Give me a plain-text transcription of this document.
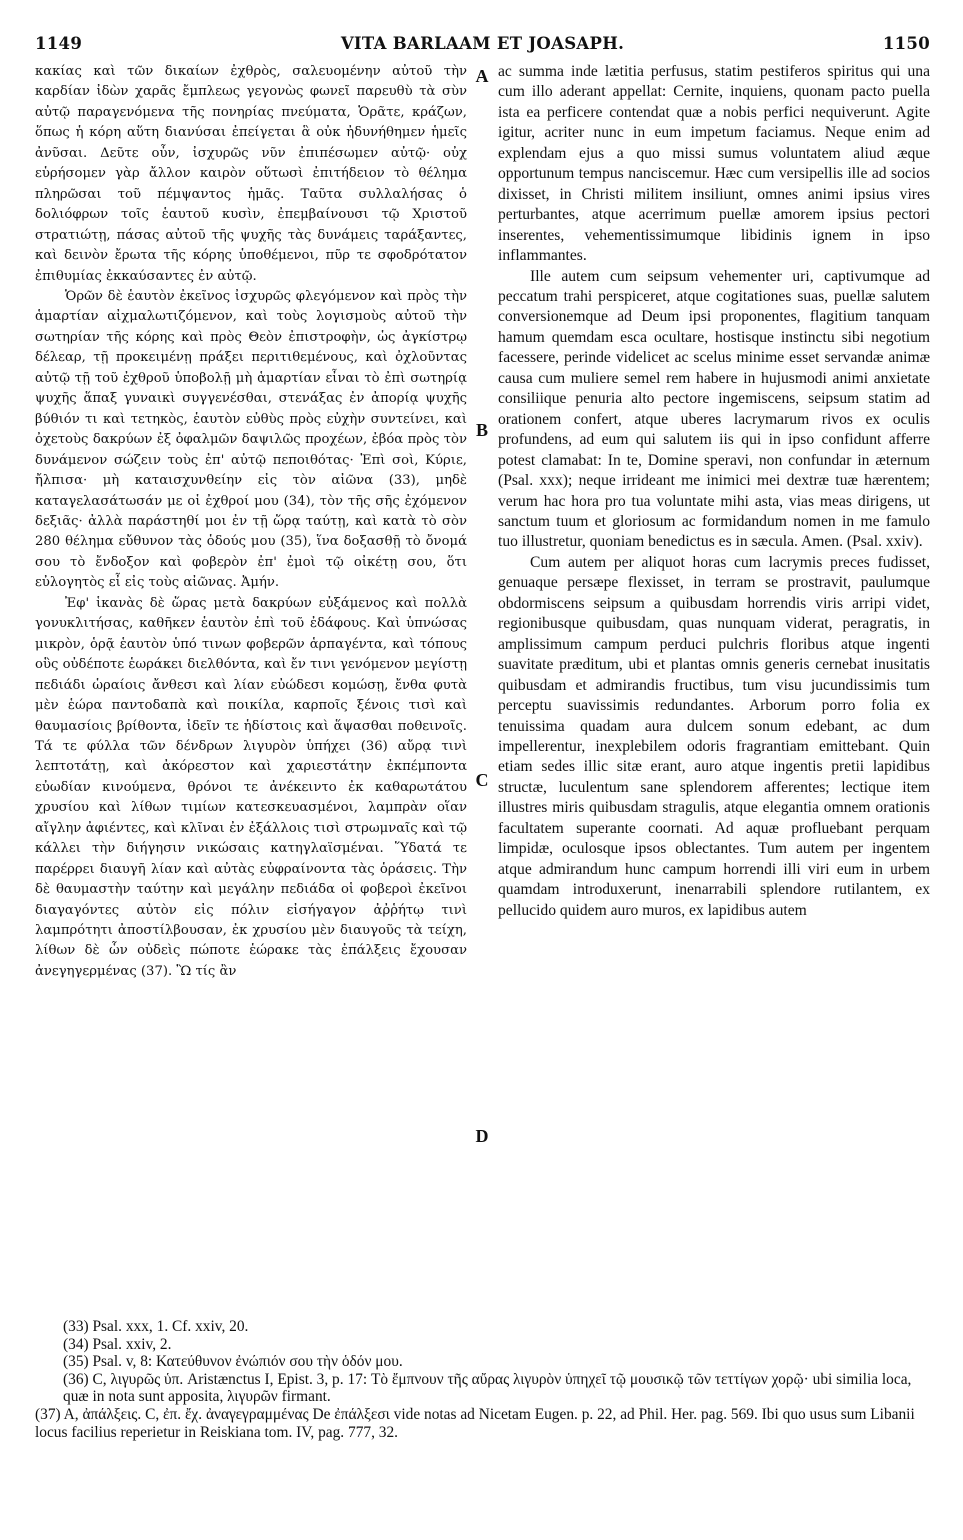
1149	VITA BARLAAM ET JOASAPH.	1150

κακίας καὶ τῶν δικαίων ἐχθρὸς, σαλευομένην αὐτοῦ τὴν καρδίαν ἰδὼν χαρᾶς ἔμπλεως γεγονὼς φωνεῖ παρευθὺ τὰ σὺν αὐτῷ παραγενόμενα τῆς πονηρίας πνεύματα, Ὁρᾶτε, κράζων, ὅπως ἡ κόρη αὕτη διανύσαι ἐπείγεται ἃ οὐκ ἠδυνήθημεν ἡμεῖς ἀνῦσαι. Δεῦτε οὖν, ἰσχυρῶς νῦν ἐπιπέσωμεν αὐτῷ· οὐχ εὑρήσομεν γὰρ ἄλλον καιρὸν οὕτωσὶ ἐπιτήδειον τὸ θέλημα πληρῶσαι τοῦ πέμψαντος ἡμᾶς. Ταῦτα συλλαλήσας ὁ δολιόφρων τοῖς ἑαυτοῦ κυσὶν, ἐπεμβαίνουσι τῷ Χριστοῦ στρατιώτῃ, πάσας αὐτοῦ τῆς ψυχῆς τὰς δυνάμεις ταράξαντες, καὶ δεινὸν ἔρωτα τῆς κόρης ὑποθέμενοι, πῦρ τε σφοδρότατον ἐπιθυμίας ἐκκαύσαντες ἐν αὐτῷ.

Ὁρῶν δὲ ἑαυτὸν ἐκεῖνος ἰσχυρῶς φλεγόμενον καὶ πρὸς τὴν ἁμαρτίαν αἰχμαλωτιζόμενον, καὶ τοὺς λογισμοὺς αὐτοῦ τὴν σωτηρίαν τῆς κόρης καὶ πρὸς Θεὸν ἐπιστροφὴν, ὡς ἀγκίστρῳ δέλεαρ, τῇ προκειμένῃ πράξει περιτιθεμένους, καὶ ὀχλοῦντας αὐτῷ τῇ τοῦ ἐχθροῦ ὑποβολῇ μὴ ἁμαρτίαν εἶναι τὸ ἐπὶ σωτηρίᾳ ψυχῆς ἅπαξ γυναικὶ συγγενέσθαι, στενάξας ἐν ἀπορίᾳ ψυχῆς βύθιόν τι καὶ τετηκὸς, ἑαυτὸν εὐθὺς πρὸς εὐχὴν συντείνει, καὶ ὀχετοὺς δακρύων ἐξ ὀφαλμῶν δαψιλῶς προχέων, ἐβόα πρὸς τὸν δυνάμενον σώζειν τοὺς ἐπ' αὐτῷ πεποιθότας· Ἐπὶ σοὶ, Κύριε, ἤλπισα· μὴ καταισχυνθείην εἰς τὸν αἰῶνα (33), μηδὲ καταγελασάτωσάν με οἱ ἐχθροί μου (34), τὸν τῆς σῆς ἐχόμενον δεξιᾶς· ἀλλὰ παράστηθί μοι ἐν τῇ ὥρᾳ ταύτῃ, καὶ κατὰ τὸ σὸν 280 θέλημα εὔθυνον τὰς ὁδούς μου (35), ἵνα δοξασθῇ τὸ ὄνομά σου τὸ ἔνδοξον καὶ φοβερὸν ἐπ' ἐμοὶ τῷ οἰκέτῃ σου, ὅτι εὐλογητὸς εἶ εἰς τοὺς αἰῶνας. Ἀμήν.

Ἐφ' ἱκανὰς δὲ ὥρας μετὰ δακρύων εὐξάμενος καὶ πολλὰ γονυκλιτήσας, καθῆκεν ἑαυτὸν ἐπὶ τοῦ ἐδάφους. Καὶ ὑπνώσας μικρὸν, ὁρᾷ ἑαυτὸν ὑπό τινων φοβερῶν ἁρπαγέντα, καὶ τόπους οὓς οὐδέποτε ἑωράκει διελθόντα, καὶ ἔν τινι γενόμενον μεγίστῃ πεδιάδι ὡραίοις ἄνθεσι καὶ λίαν εὐώδεσι κομώσῃ, ἔνθα φυτὰ μὲν ἑώρα παντοδαπὰ καὶ ποικίλα, καρποῖς ξένοις τισὶ καὶ θαυμασίοις βρίθοντα, ἰδεῖν τε ἡδίστοις καὶ ἅψασθαι ποθεινοῖς. Τά τε φύλλα τῶν δένδρων λιγυρὸν ὑπήχει (36) αὔρᾳ τινὶ λεπτοτάτῃ, καὶ ἀκόρεστον καὶ χαριεστάτην ἐκπέμποντα εὐωδίαν κινούμενα, θρόνοι τε ἀνέκειντο ἐκ καθαρωτάτου χρυσίου καὶ λίθων τιμίων κατεσκευασμένοι, λαμπρὰν οἵαν αἴγλην ἀφιέντες, καὶ κλῖναι ἐν ἐξάλλοις τισὶ στρωμναῖς καὶ τῷ κάλλει τὴν διήγησιν νικώσαις κατηγλαϊσμέναι. Ὕδατά τε παρέρρει διαυγῆ λίαν καὶ αὐτὰς εὐφραίνοντα τὰς ὁράσεις. Τὴν δὲ θαυμαστὴν ταύτην καὶ μεγάλην πεδιάδα οἱ φοβεροὶ ἐκεῖνοι διαγαγόντες αὐτὸν εἰς πόλιν εἰσήγαγον ἀῤῥήτῳ τινὶ λαμπρότητι ἀποστίλβουσαν, ἐκ χρυσίου μὲν διαυγοῦς τὰ τείχη, λίθων δὲ ὧν οὐδεὶς πώποτε ἑώρακε τὰς ἐπάλξεις ἔχουσαν ἀνεγηγερμένας (37). Ὢ τίς ἂν

A
B
C
D

ac summa inde lætitia perfusus, statim pestiferos spiritus qui una cum illo aderant appellat: Cernite, inquiens, quonam pacto puella ista ea perficere contendat quæ a nobis perfici nequiverunt. Agite igitur, acriter nunc in eum impetum faciamus. Neque enim ad explendam ejus a quo missi sumus voluntatem aliud æque opportunum tempus nanciscemur. Hæc cum versipellis ille ad socios dixisset, in Christi militem insiliunt, omnes animi ipsius vires perturbantes, atque acerrimum puellæ amorem ipsius pectori inserentes, vehementissimumque libidinis ignem in ipso inflammantes.

Ille autem cum seipsum vehementer uri, captivumque ad peccatum trahi perspiceret, atque cogitationes suas, puellæ salutem conversionemque ad Deum ipsi proponentes, flagitium tanquam hamum quemdam esca ocultare, hostisque instinctu sibi negotium facessere, perinde videlicet ac scelus minime esset servandæ animæ causa cum muliere semel rem habere in hujusmodi animi anxietate consiliique penuria alto pectore ingemiscens, seipsum statim ad orationem confert, atque uberes lacrymarum rivos ex oculis profundens, ad eum qui salutem iis qui in ipso confidunt afferre potest clamabat: In te, Domine speravi, non confundar in æternum (Psal. xxx); neque irrideant me inimici mei dextræ tuæ hærentem; verum hac hora pro tua voluntate mihi asta, vias meas dirigens, ut sanctum tuum et gloriosum ac formidandum nomen in me famulo tuo illustretur, quoniam benedictus es in sæcula. Amen. (Psal. xxiv).

Cum autem per aliquot horas cum lacrymis preces fudisset, genuaque persæpe flexisset, in terram se prostravit, paulumque obdormiscens seipsum a quibusdam horrendis viris arripi videt, regionibusque quibusdam, quas nunquam viderat, peragratis, in amplissimum campum perduci pulchris floribus atque ingenti suavitate præditum, ubi et plantas omnis generis cernebat inusitatis quibusdam et admirandis fructibus, tum visu jucundissimis tum perceptu suavissimis redundantes. Arborum porro folia ex tenuissima quadam aura dulcem sonum edebant, ac dum impellerentur, inexplebilem odoris fragrantiam emittebant. Quin etiam sedes illic sitæ erant, auro atque ingentis pretii lapidibus structæ, luculentum sane splendorem afferentes; lectique item illustres miris quibusdam stragulis, atque elegantia omnem orationis facultatem superante coornati. Ad aquæ profluebant perquam limpidæ, oculosque ipsos oblectantes. Tum autem per ingentem atque admirandum hunc campum horrendi illi viri eum in urbem quamdam introduxerunt, inenarrabili splendore rutilantem, ex pellucido quidem auro muros, ex lapidibus autem

(33) Psal. xxx, 1. Cf. xxiv, 20.

(34) Psal. xxiv, 2.

(35) Psal. v, 8: Κατεύθυνον ἐνώπιόν σου τὴν ὁδόν μου.

(36) C, λιγυρῶς ὑπ. Aristænctus I, Epist. 3, p. 17: Τὸ ἔμπνουν τῆς αὔρας λιγυρὸν ὑπηχεῖ τῷ μουσικῷ τῶν τεττίγων χορῷ· ubi similia loca, quæ in nota sunt apposita, λιγυρῶν firmant.

(37) A, ἀπάλξεις. C, ἐπ. ἔχ. ἀναγεγραμμένας De ἐπάλξεσι vide notas ad Nicetam Eugen. p. 22, ad Phil. Her. pag. 569. Ibi quo usus sum Libanii locus facilius reperietur in Reiskiana tom. IV, pag. 777, 32.
